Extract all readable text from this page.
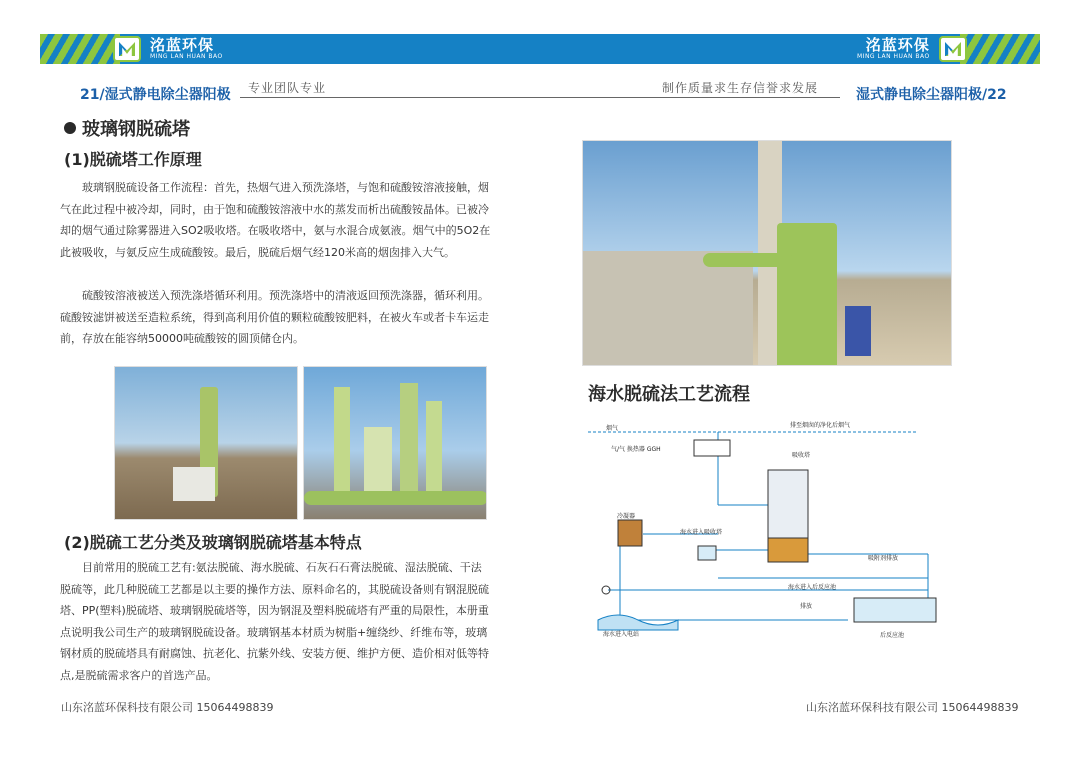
洺蓝环保
MING LAN HUAN BAO
洺蓝环保
MING LAN HUAN BAO
21/湿式静电除尘器阳极 专业团队专业	制作质量求生存信誉求发展	湿式静电除尘器阳极/22
玻璃钢脱硫塔
(1)脱硫塔工作原理

玻璃钢脱硫设备工作流程：首先，热烟气进入预洗涤塔，与饱和硫酸铵溶液接触，烟气在此过程中被冷却，同时，由于饱和硫酸铵溶液中水的蒸发而析出硫酸铵晶体。已被冷却的烟气通过除雾器进入SO2吸收塔。在吸收塔中，氨与水混合成氨液。烟气中的5O2在此被吸收，与氨反应生成硫酸铵。最后，脱硫后烟气经120米高的烟囱排入大气。

硫酸铵溶液被送入预洗涤塔循环利用。预洗涤塔中的清液返回预洗涤器，循环利用。硫酸铵滤饼被送至造粒系统，得到高利用价值的颗粒硫酸铵肥料，在被火车或者卡车运走前，存放在能容纳50000吨硫酸铵的圆顶储仓内。

(2)脱硫工艺分类及玻璃钢脱硫塔基本特点

目前常用的脱硫工艺有:氨法脱硫、海水脱硫、石灰石石膏法脱硫、湿法脱硫、干法脱硫等，此几种脱硫工艺都是以主要的操作方法、原料命名的，其脱硫设备则有钢混脱硫塔、PP(塑料)脱硫塔、玻璃钢脱硫塔等，因为钢混及塑料脱硫塔有严重的局限性，本册重点说明我公司生产的玻璃钢脱硫设备。玻璃钢基本材质为树脂+缠绕纱、纤维布等，玻璃钢材质的脱硫塔具有耐腐蚀、抗老化、抗紫外线、安装方便、维护方便、造价相对低等特点,是脱硫需求客户的首选产品。

海水脱硫法工艺流程
烟气	排至烟囱的净化后烟气
气/气 换热器 GGH
吸收塔
冷凝器
海水进入吸收塔
吸附剂排放
海水进入后反应池
排放
海水进入电站	后反应池
山东洺蓝环保科技有限公司 15064498839	山东洺蓝环保科技有限公司 15064498839
